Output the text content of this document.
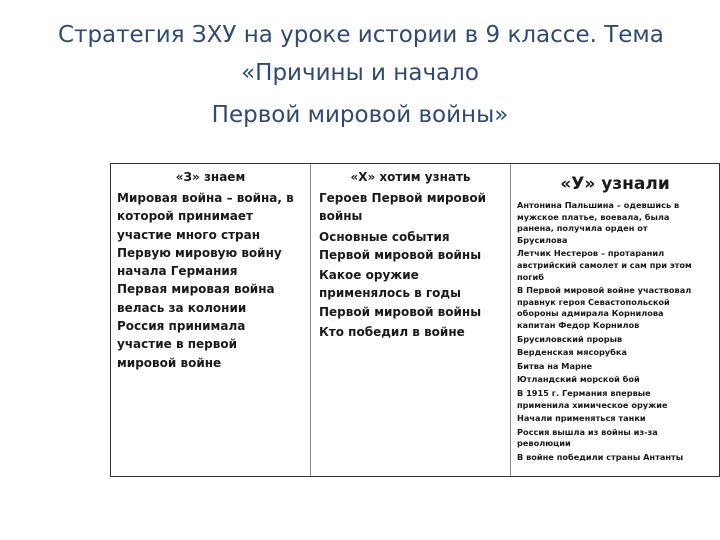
Стратегия ЗХУ на уроке истории в 9 классе. Тема
«Причины и начало
Первой мировой войны»
«З» знаем
Мировая война – война, в
которой принимает
участие много стран
Первую мировую войну
начала Германия
Первая мировая война
велась за колонии
Россия принимала
участие в первой
мировой войне
«Х» хотим узнать
Героев Первой мировой
войны
Основные события
Первой мировой войны
Какое оружие
применялось в годы
Первой мировой войны
Кто победил в войне
«У» узнали
Антонина Пальшина – одевшись в
мужское платье, воевала, была
ранена, получила орден от
Брусилова
Летчик Нестеров – протаранил
австрийский самолет и сам при этом
погиб
В Первой мировой войне участвовал
правнук героя Севастопольской
обороны адмирала Корнилова
капитан Федор Корнилов
Брусиловский прорыв
Верденская мясорубка
Битва на Марне
Ютландский морской бой
В 1915 г. Германия впервые
применила химическое оружие
Начали применяться танки
Россия вышла из войны из-за
революции
В войне победили страны Антанты
